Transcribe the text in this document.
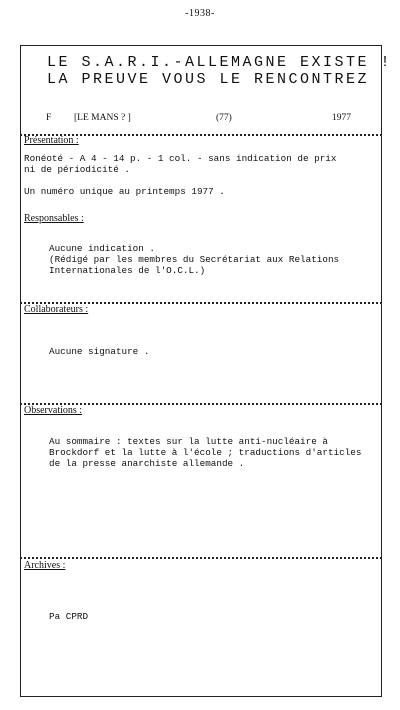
-1938-
LE S.A.R.I.-ALLEMAGNE EXISTE !
LA PREUVE VOUS LE RENCONTREZ
F [LE MANS ? ]	(77)	1977
Présentation :
Ronéoté - A 4 - 14 p. - 1 col. - sans indication de prix
ni de périodicité .
Un numéro unique au printemps 1977 .
Responsables :
Aucune indication .
(Rédigé par les membres du Secrétariat aux Relations
Internationales de l'O.C.L.)
Collaborateurs :
Aucune signature .
Observations :
Au sommaire : textes sur la lutte anti-nucléaire à
Brockdorf et la lutte à l'école ; traductions d'articles
de la presse anarchiste allemande .
Archives :
Pa CPRD
